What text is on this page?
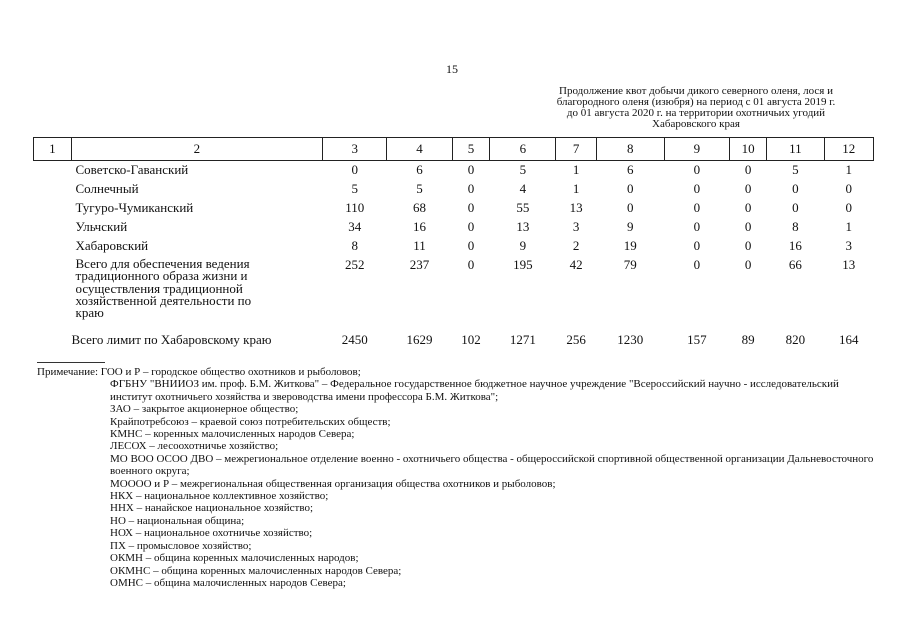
15
Продолжение квот добычи дикого северного оленя, лося и
благородного оленя (изюбря) на период с 01 августа 2019 г.
до 01 августа 2020 г. на территории охотничьих угодий
Хабаровского края
1	2	3	4	5	6	7	8	9	10	11	12
Советско-Гаванский		0	6	0	5	1	6	0	0	5	1
Солнечный		5	5	0	4	1	0	0	0	0	0
Тугуро-Чумиканский		110	68	0	55	13	0	0	0	0	0
Ульчский		34	16	0	13	3	9	0	0	8	1
Хабаровский		8	11	0	9	2	19	0	0	16	3

Всего для обеспечения ведения
традиционного образа жизни и
осуществления традиционной
хозяйственной деятельности по
краю		252	237	0	195	42	79	0	0	66	13
Всего лимит по Хабаровскому краю		2450	1629	102	1271	256	1230	157	89	820	164
Примечание: ГОО и Р – городское общество охотников и рыболовов;
ФГБНУ "ВНИИОЗ им. проф. Б.М. Житкова" – Федеральное государственное бюджетное научное учреждение "Всероссийский научно - исследовательский институт охотничьего хозяйства и звероводства имени профессора Б.М. Житкова";
ЗАО – закрытое акционерное общество;
Крайпотребсоюз – краевой союз потребительских обществ;
КМНС – коренных малочисленных народов Севера;
ЛЕСОХ – лесоохотничье хозяйство;
МО ВОО ОСОО ДВО – межрегиональное отделение военно - охотничьего общества - общероссийской спортивной общественной организации Дальневосточного военного округа;
МОООО и Р – межрегиональная общественная организация общества охотников и рыболовов;
НКХ – национальное коллективное хозяйство;
ННХ – нанайское национальное хозяйство;
НО – национальная община;
НОХ – национальное охотничье хозяйство;
ПХ – промысловое хозяйство;
ОКМН – община коренных малочисленных народов;
ОКМНС – община коренных малочисленных народов Севера;
ОМНС – община малочисленных народов Севера;
